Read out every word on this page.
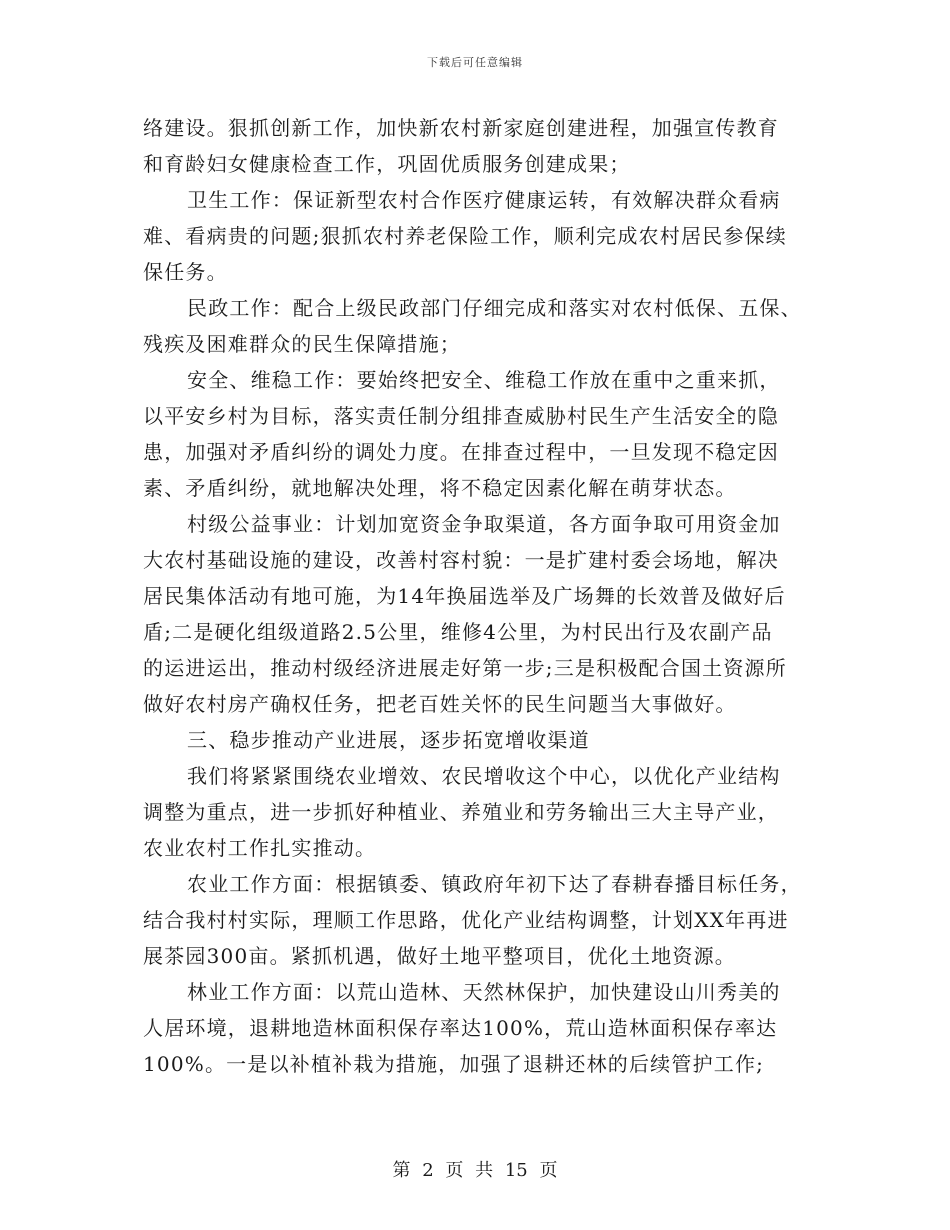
下载后可任意编辑
络建设。狠抓创新工作，加快新农村新家庭创建进程，加强宣传教育
和育龄妇女健康检查工作，巩固优质服务创建成果；
卫生工作：保证新型农村合作医疗健康运转，有效解决群众看病
难、看病贵的问题;狠抓农村养老保险工作，顺利完成农村居民参保续
保任务。
民政工作：配合上级民政部门仔细完成和落实对农村低保、五保、
残疾及困难群众的民生保障措施；
安全、维稳工作：要始终把安全、维稳工作放在重中之重来抓，
以平安乡村为目标，落实责任制分组排查威胁村民生产生活安全的隐
患，加强对矛盾纠纷的调处力度。在排查过程中，一旦发现不稳定因
素、矛盾纠纷，就地解决处理，将不稳定因素化解在萌芽状态。
村级公益事业：计划加宽资金争取渠道，各方面争取可用资金加
大农村基础设施的建设，改善村容村貌：一是扩建村委会场地，解决
居民集体活动有地可施，为14年换届选举及广场舞的长效普及做好后
盾;二是硬化组级道路2.5公里，维修4公里，为村民出行及农副产品
的运进运出，推动村级经济进展走好第一步;三是积极配合国土资源所
做好农村房产确权任务，把老百姓关怀的民生问题当大事做好。
三、稳步推动产业进展，逐步拓宽增收渠道
我们将紧紧围绕农业增效、农民增收这个中心，以优化产业结构
调整为重点，进一步抓好种植业、养殖业和劳务输出三大主导产业，
农业农村工作扎实推动。
农业工作方面：根据镇委、镇政府年初下达了春耕春播目标任务，
结合我村村实际，理顺工作思路，优化产业结构调整，计划XX年再进
展茶园300亩。紧抓机遇，做好土地平整项目，优化土地资源。
林业工作方面：以荒山造林、天然林保护，加快建设山川秀美的
人居环境，退耕地造林面积保存率达100%，荒山造林面积保存率达
100%。一是以补植补栽为措施，加强了退耕还林的后续管护工作;
第 2 页 共 15 页
